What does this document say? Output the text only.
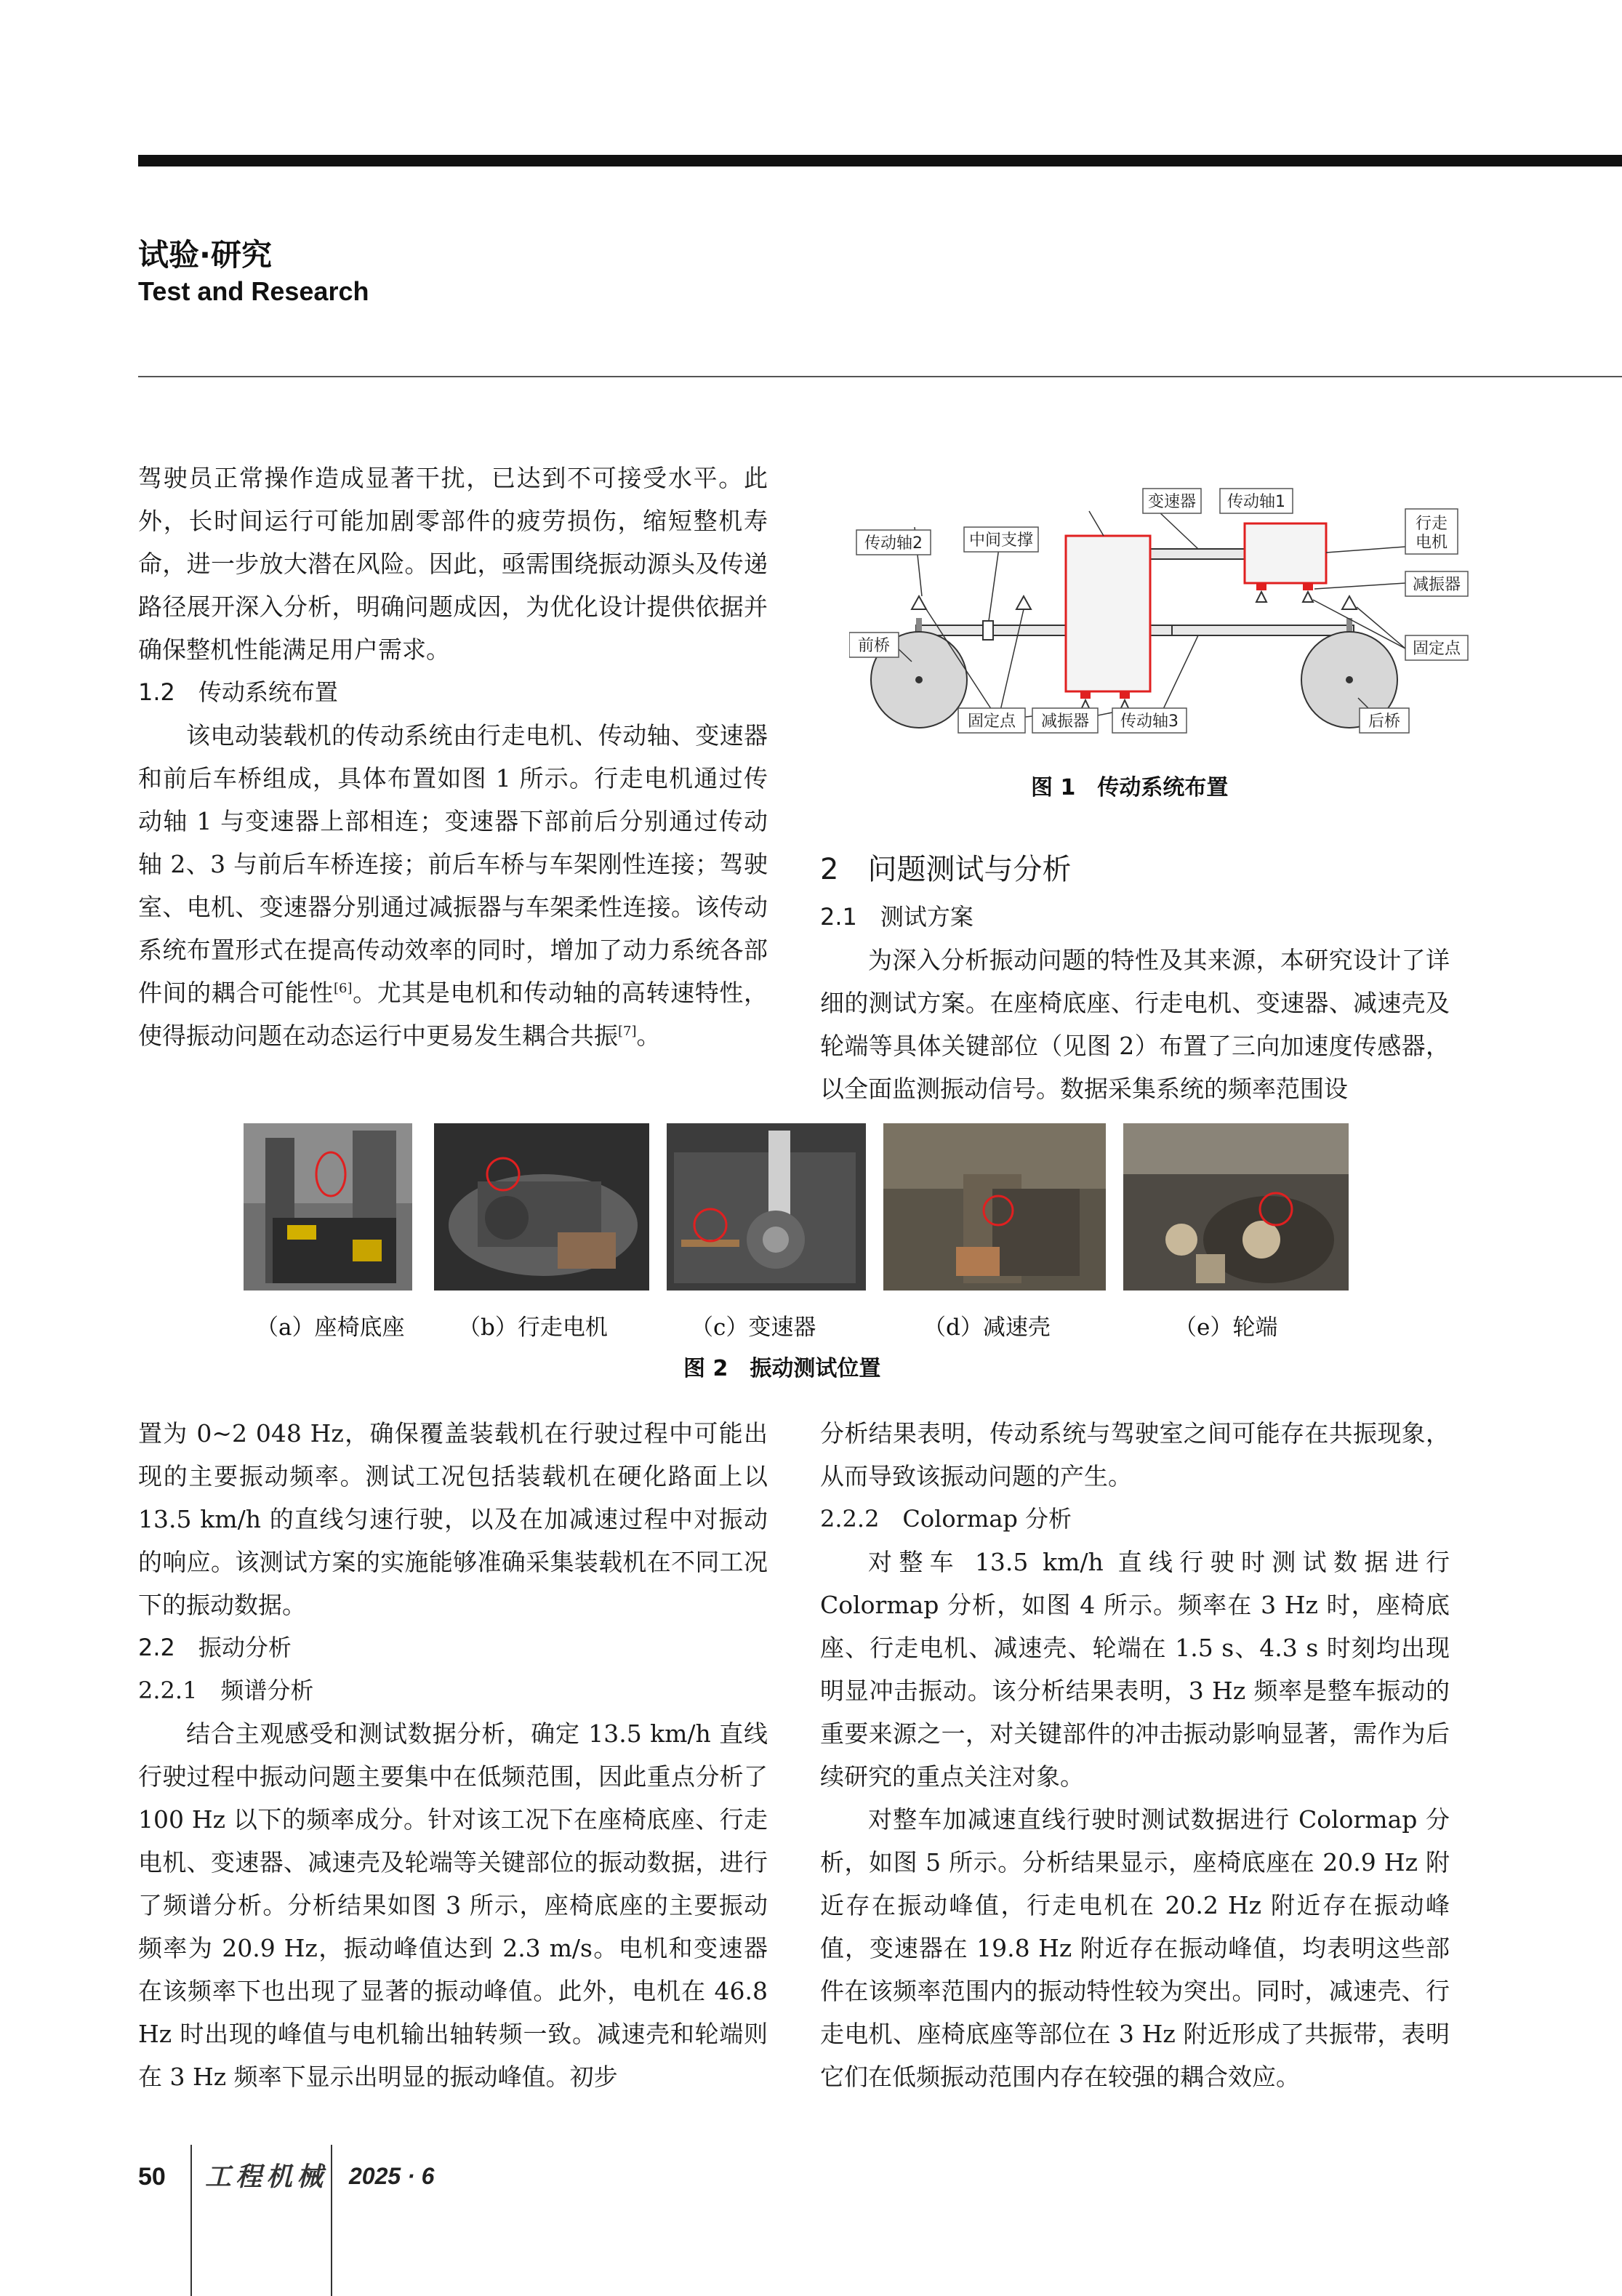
试验·研究
Test and Research

驾驶员正常操作造成显著干扰，已达到不可接受水平。此外，长时间运行可能加剧零部件的疲劳损伤，缩短整机寿命，进一步放大潜在风险。因此，亟需围绕振动源头及传递路径展开深入分析，明确问题成因，为优化设计提供依据并确保整机性能满足用户需求。

1.2　传动系统布置

该电动装载机的传动系统由行走电机、传动轴、变速器和前后车桥组成，具体布置如图 1 所示。行走电机通过传动轴 1 与变速器上部相连；变速器下部前后分别通过传动轴 2、3 与前后车桥连接；前后车桥与车架刚性连接；驾驶室、电机、变速器分别通过减振器与车架柔性连接。该传动系统布置形式在提高传动效率的同时，增加了动力系统各部件间的耦合可能性[6]。尤其是电机和传动轴的高转速特性，使得振动问题在动态运行中更易发生耦合共振[7]。

变速器 传动轴1
行走
电机
传动轴2	中间支撑
减振器
前桥	固定点
固定点 减振器 传动轴3	后桥
图 1　传动系统布置
2　问题测试与分析
2.1　测试方案

为深入分析振动问题的特性及其来源，本研究设计了详细的测试方案。在座椅底座、行走电机、变速器、减速壳及轮端等具体关键部位（见图 2）布置了三向加速度传感器，以全面监测振动信号。数据采集系统的频率范围设

（a）座椅底座 （b）行走电机	（c）变速器	（d）减速壳	（e）轮端
图 2　振动测试位置

置为 0~2 048 Hz，确保覆盖装载机在行驶过程中可能出现的主要振动频率。测试工况包括装载机在硬化路面上以 13.5 km/h 的直线匀速行驶，以及在加减速过程中对振动的响应。该测试方案的实施能够准确采集装载机在不同工况下的振动数据。

2.2　振动分析
2.2.1　频谱分析

结合主观感受和测试数据分析，确定 13.5 km/h 直线行驶过程中振动问题主要集中在低频范围，因此重点分析了 100 Hz 以下的频率成分。针对该工况下在座椅底座、行走电机、变速器、减速壳及轮端等关键部位的振动数据，进行了频谱分析。分析结果如图 3 所示，座椅底座的主要振动频率为 20.9 Hz，振动峰值达到 2.3 m/s。电机和变速器在该频率下也出现了显著的振动峰值。此外，电机在 46.8 Hz 时出现的峰值与电机输出轴转频一致。减速壳和轮端则在 3 Hz 频率下显示出明显的振动峰值。初步

分析结果表明，传动系统与驾驶室之间可能存在共振现象，从而导致该振动问题的产生。

2.2.2　Colormap 分析

对整车 13.5 km/h 直线行驶时测试数据进行 Colormap 分析，如图 4 所示。频率在 3 Hz 时，座椅底座、行走电机、减速壳、轮端在 1.5 s、4.3 s 时刻均出现明显冲击振动。该分析结果表明，3 Hz 频率是整车振动的重要来源之一，对关键部件的冲击振动影响显著，需作为后续研究的重点关注对象。

对整车加减速直线行驶时测试数据进行 Colormap 分析，如图 5 所示。分析结果显示，座椅底座在 20.9 Hz 附近存在振动峰值，行走电机在 20.2 Hz 附近存在振动峰值，变速器在 19.8 Hz 附近存在振动峰值，均表明这些部件在该频率范围内的振动特性较为突出。同时，减速壳、行走电机、座椅底座等部位在 3 Hz 附近形成了共振带，表明它们在低频振动范围内存在较强的耦合效应。

50 工程机械 2025 · 6
